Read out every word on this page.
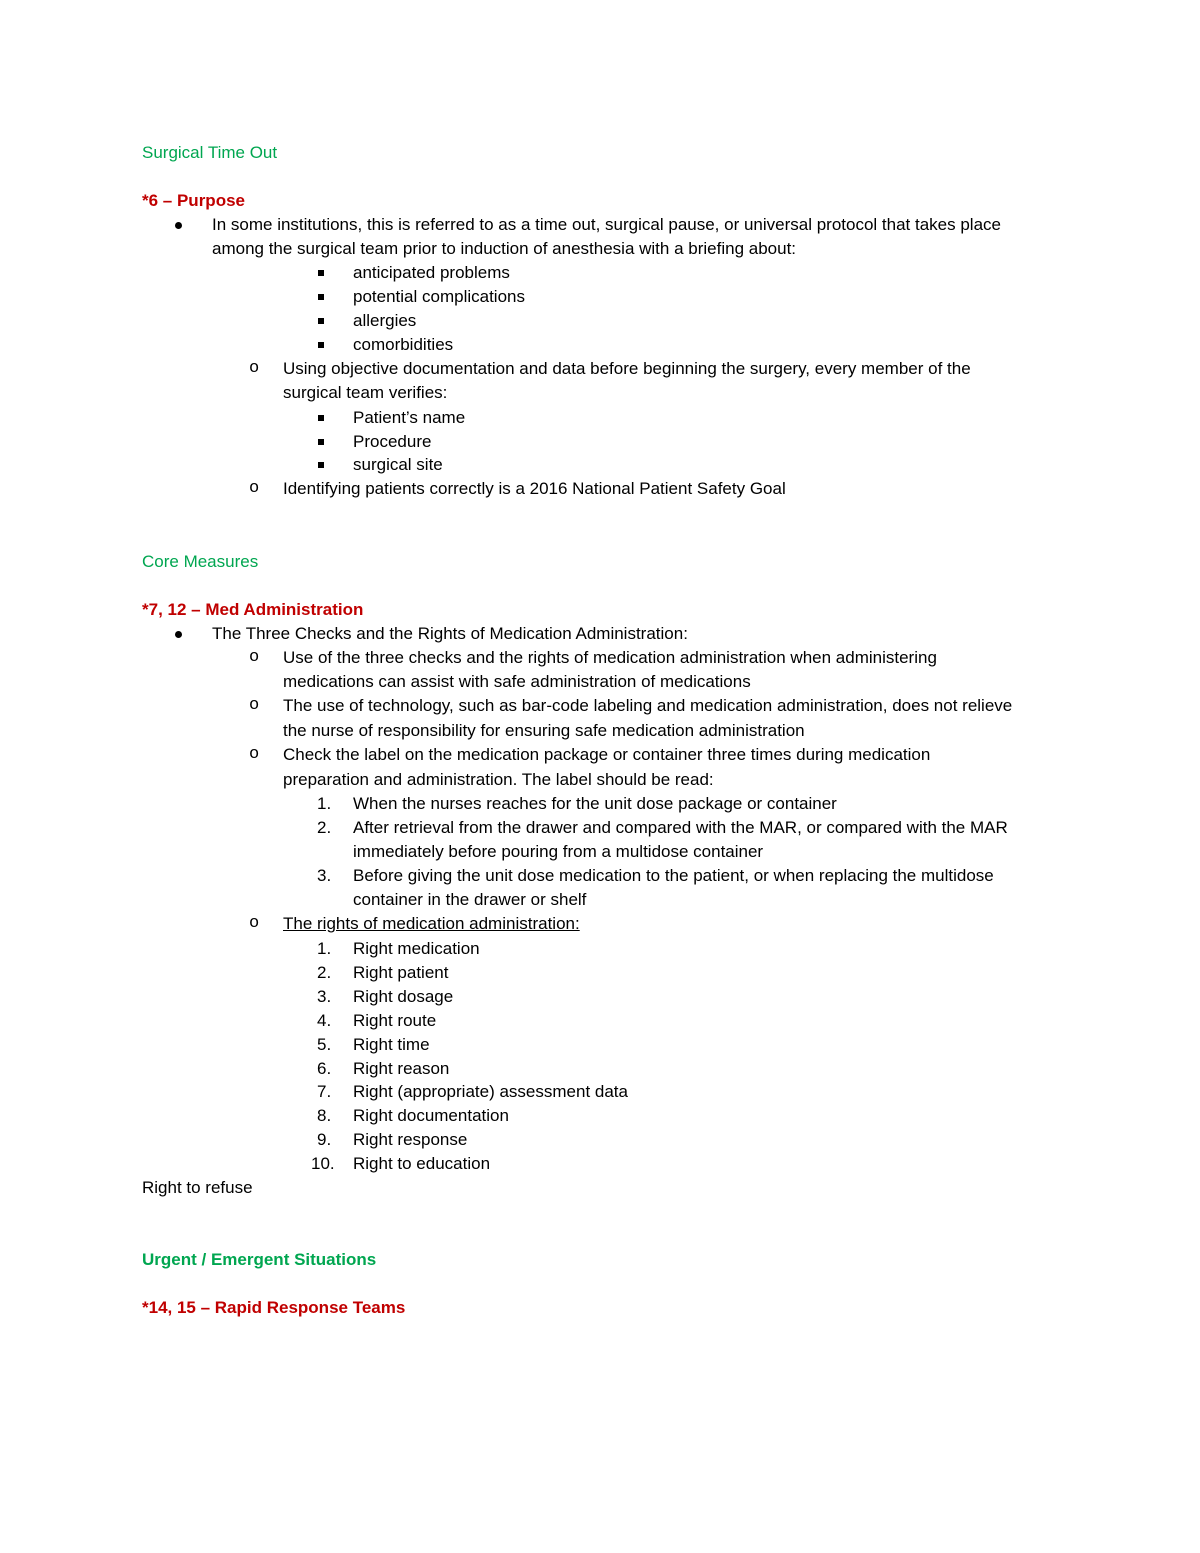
Surgical Time Out
*6 – Purpose
In some institutions, this is referred to as a time out, surgical pause, or universal protocol that takes place
among the surgical team prior to induction of anesthesia with a briefing about:
anticipated problems
potential complications
allergies
comorbidities
o Using objective documentation and data before beginning the surgery, every member of the
surgical team verifies:
Patient’s name
Procedure
surgical site
o Identifying patients correctly is a 2016 National Patient Safety Goal
Core Measures
*7, 12 – Med Administration
The Three Checks and the Rights of Medication Administration:
o Use of the three checks and the rights of medication administration when administering
medications can assist with safe administration of medications
o The use of technology, such as bar-code labeling and medication administration, does not relieve
the nurse of responsibility for ensuring safe medication administration
o Check the label on the medication package or container three times during medication
preparation and administration. The label should be read:
1. When the nurses reaches for the unit dose package or container
2. After retrieval from the drawer and compared with the MAR, or compared with the MAR
immediately before pouring from a multidose container
3. Before giving the unit dose medication to the patient, or when replacing the multidose
container in the drawer or shelf
o The rights of medication administration:
1. Right medication
2. Right patient
3. Right dosage
4. Right route
5. Right time
6. Right reason
7. Right (appropriate) assessment data
8. Right documentation
9. Right response
10. Right to education
Right to refuse
Urgent / Emergent Situations
*14, 15 – Rapid Response Teams
